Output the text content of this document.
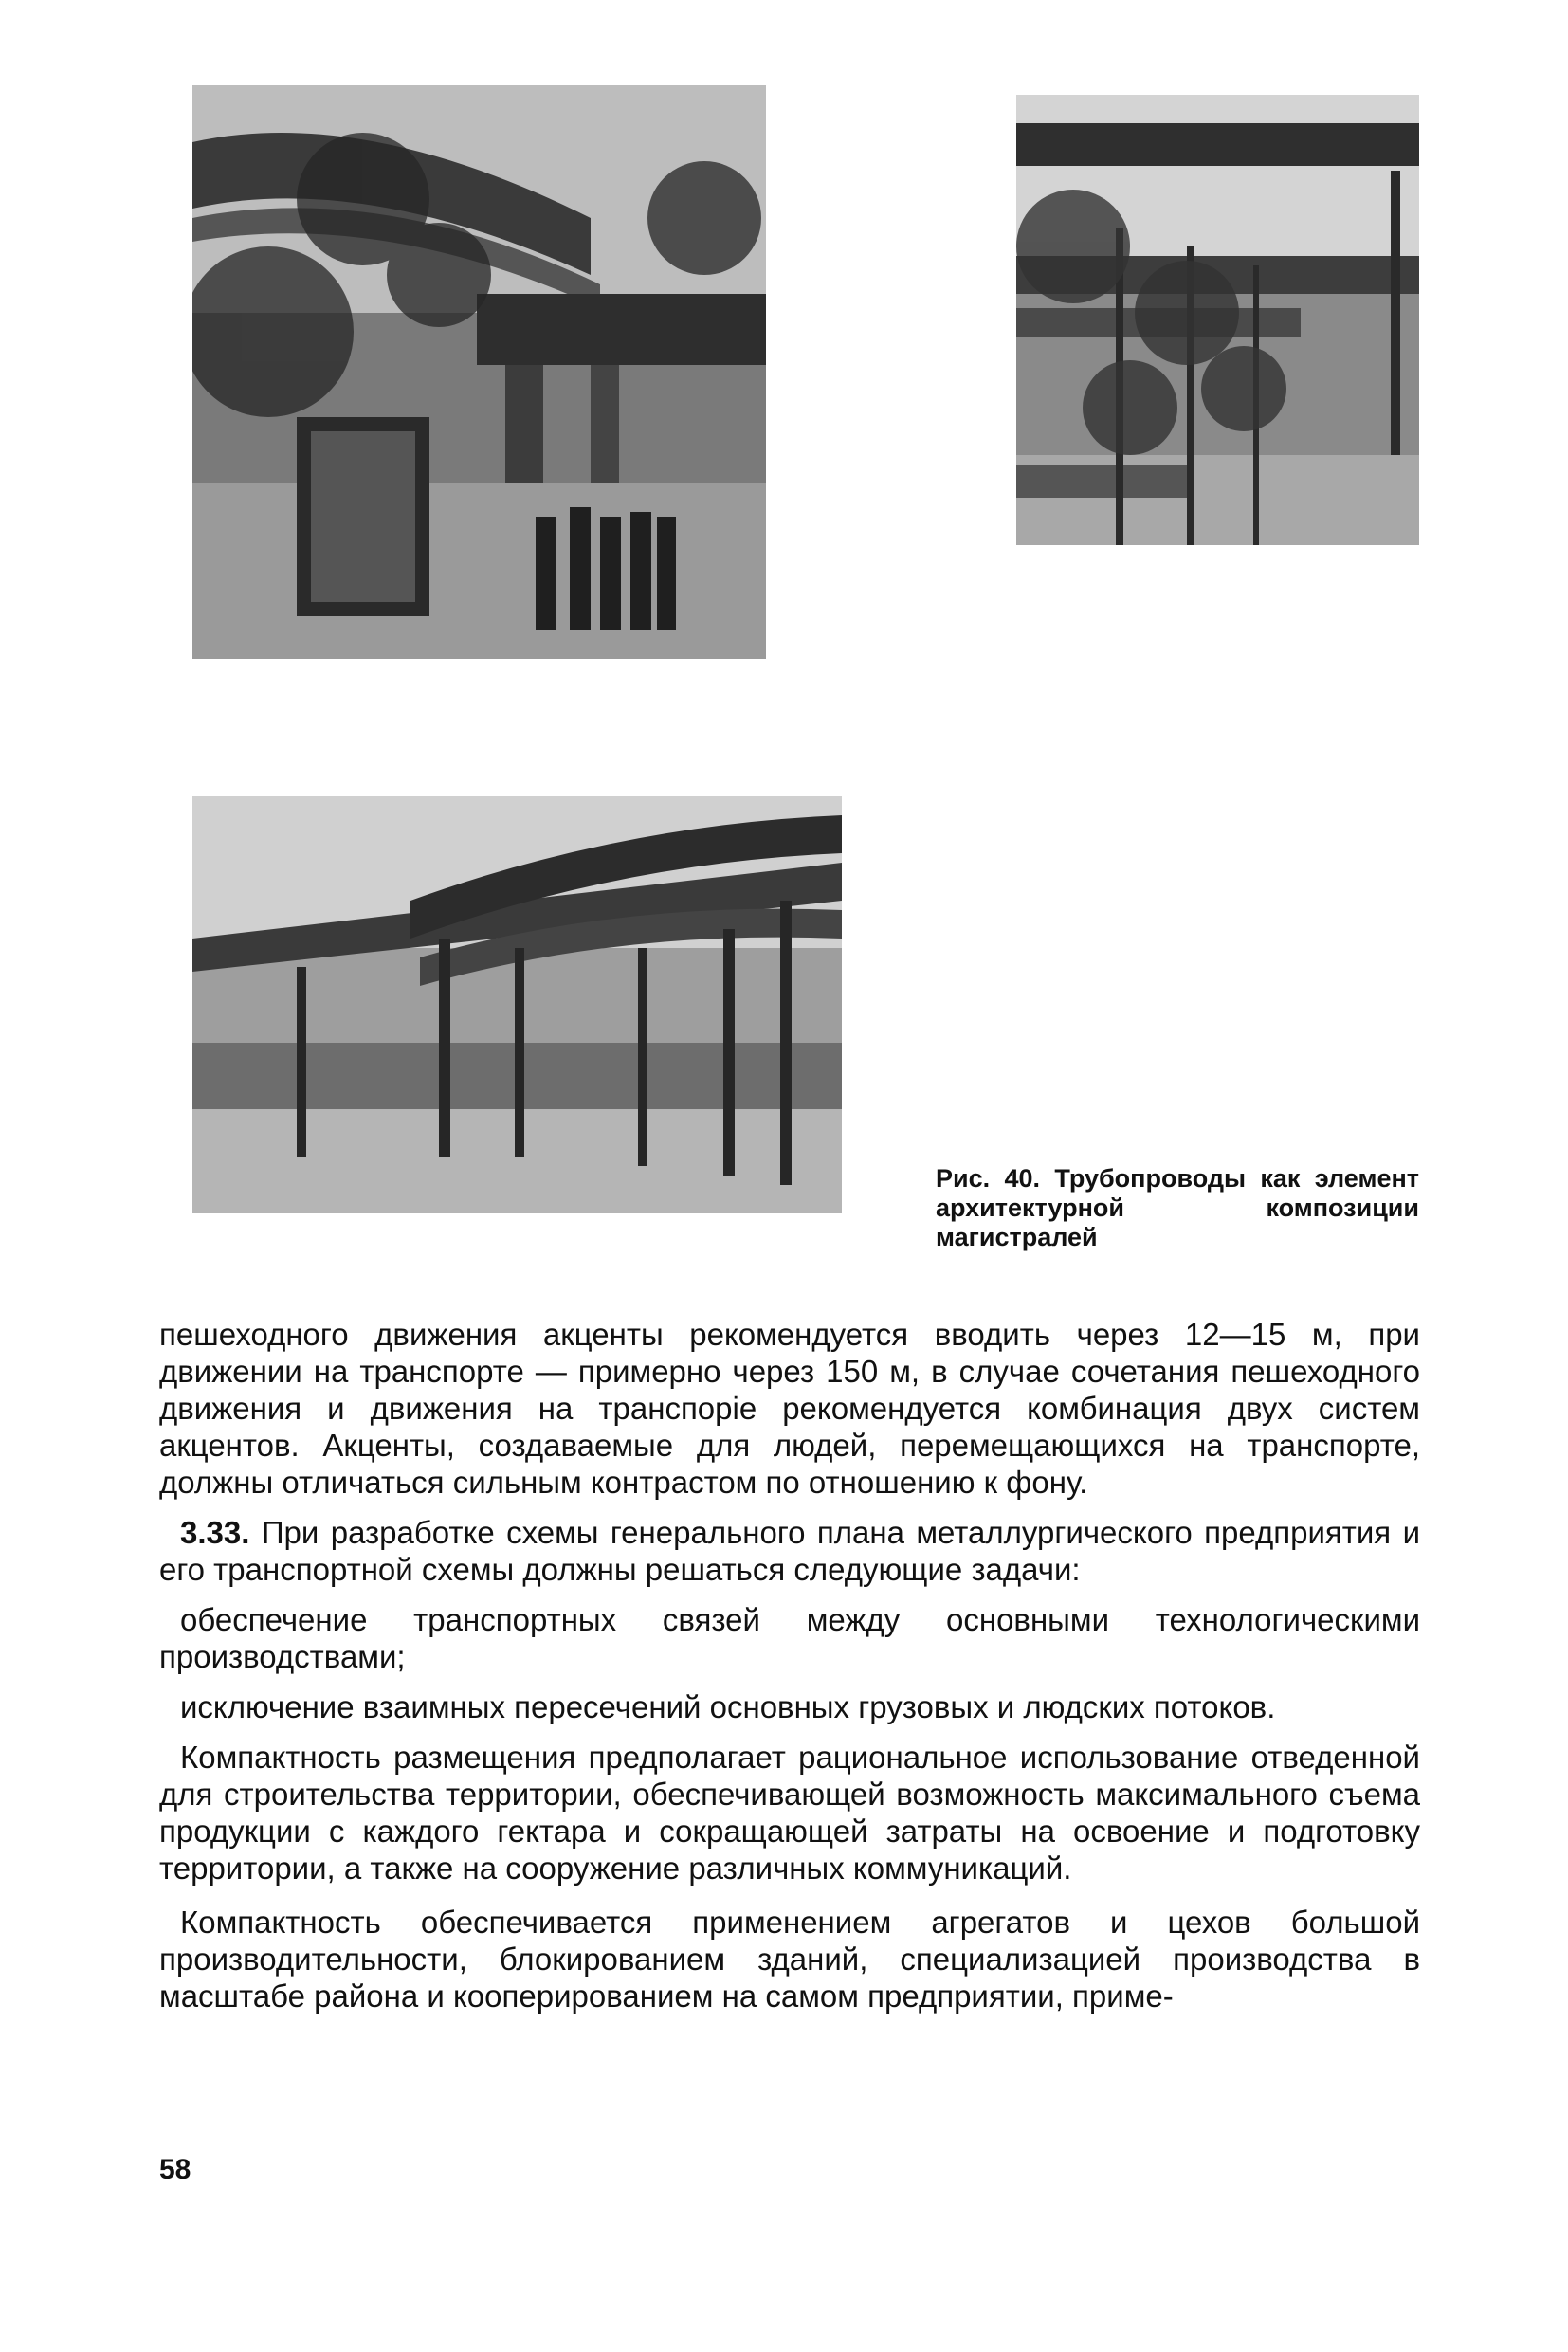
Рис. 40. Трубопроводы как элемент архитектурной композиции магистралей

пешеходного движения акценты рекомендуется вводить через 12—15 м, при движении на транспорте — примерно через 150 м, в случае сочетания пешеходного движения и движения на транспоріе рекомендуется комбинация двух систем акцентов. Акценты, создаваемые для людей, перемещающихся на транспорте, должны отличаться сильным контрастом по отношению к фону.

3.33. При разработке схемы генерального плана металлургического предприятия и его транспортной схемы должны решаться следующие задачи:

обеспечение транспортных связей между основными технологическими производствами;

исключение взаимных пересечений основных грузовых и людских потоков.

Компактность размещения предполагает рациональное использование отведенной для строительства территории, обеспечивающей возможность максимального съема продукции с каждого гектара и сокращающей затраты на освоение и подготовку территории, а также на сооружение различных коммуникаций.

Компактность обеспечивается применением агрегатов и цехов большой производительности, блокированием зданий, специализацией производства в масштабе района и кооперированием на самом предприятии, приме-

58
